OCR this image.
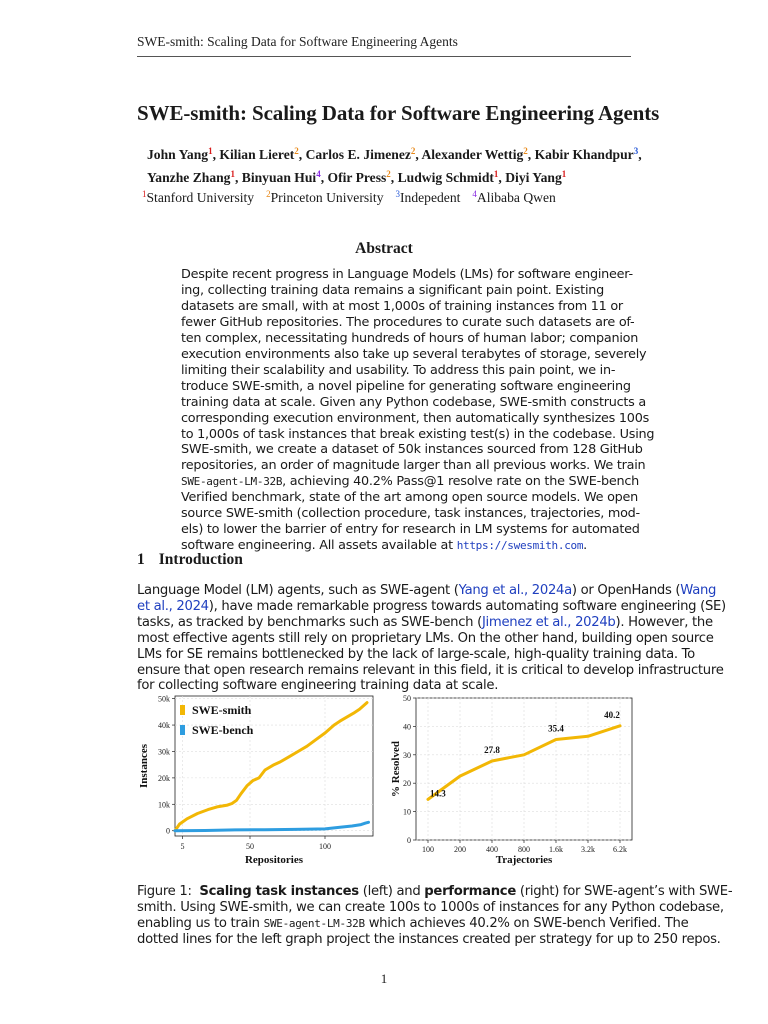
SWE-smith: Scaling Data for Software Engineering Agents
SWE-smith: Scaling Data for Software Engineering Agents
John Yang$^1$, Kilian Lieret$^2$, Carlos E. Jimenez$^2$, Alexander Wettig$^2$, Kabir Khandpur$^3$,
Yanzhe Zhang$^1$, Binyuan Hui$^4$, Ofir Press$^2$, Ludwig Schmidt$^1$, Diyi Yang$^1$
$^1$Stanford University $^2$Princeton University $^3$Indepedent $^4$Alibaba Qwen
Abstract
Despite recent progress in Language Models (LMs) for software engineer-
ing, collecting training data remains a significant pain point. Existing
datasets are small, with at most 1,000s of training instances from 11 or
fewer GitHub repositories. The procedures to curate such datasets are of-
ten complex, necessitating hundreds of hours of human labor; companion
execution environments also take up several terabytes of storage, severely
limiting their scalability and usability. To address this pain point, we in-
troduce SWE-smith, a novel pipeline for generating software engineering
training data at scale. Given any Python codebase, SWE-smith constructs a
corresponding execution environment, then automatically synthesizes 100s
to 1,000s of task instances that break existing test(s) in the codebase. Using
SWE-smith, we create a dataset of 50k instances sourced from 128 GitHub
repositories, an order of magnitude larger than all previous works. We train
SWE-agent-LM-32B, achieving 40.2% Pass@1 resolve rate on the SWE-bench
Verified benchmark, state of the art among open source models. We open
source SWE-smith (collection procedure, task instances, trajectories, mod-
els) to lower the barrier of entry for research in LM systems for automated
software engineering. All assets available at https://swesmith.com.
1 Introduction
Language Model (LM) agents, such as SWE-agent (Yang et al., 2024a) or OpenHands (Wang
et al., 2024), have made remarkable progress towards automating software engineering (SE)
tasks, as tracked by benchmarks such as SWE-bench (Jimenez et al., 2024b). However, the
most effective agents still rely on proprietary LMs. On the other hand, building open source
LMs for SE remains bottlenecked by the lack of large-scale, high-quality training data. To
ensure that open research remains relevant in this field, it is critical to develop infrastructure
for collecting software engineering training data at scale.
0
10k
20k
30k
40k
50k
5	50	100
SWE-smith
SWE-bench
Repositories
Instances
0
10
20
30
40
50
100	200	400	800 1.6k 3.2k 6.2k
14.3
27.8
35.4
40.2
Trajectories
% Resolved
Figure 1: Scaling task instances (left) and performance (right) for SWE-agent’s with SWE-
smith. Using SWE-smith, we can create 100s to 1000s of instances for any Python codebase,
enabling us to train SWE-agent-LM-32B which achieves 40.2% on SWE-bench Verified. The
dotted lines for the left graph project the instances created per strategy for up to 250 repos.
1
